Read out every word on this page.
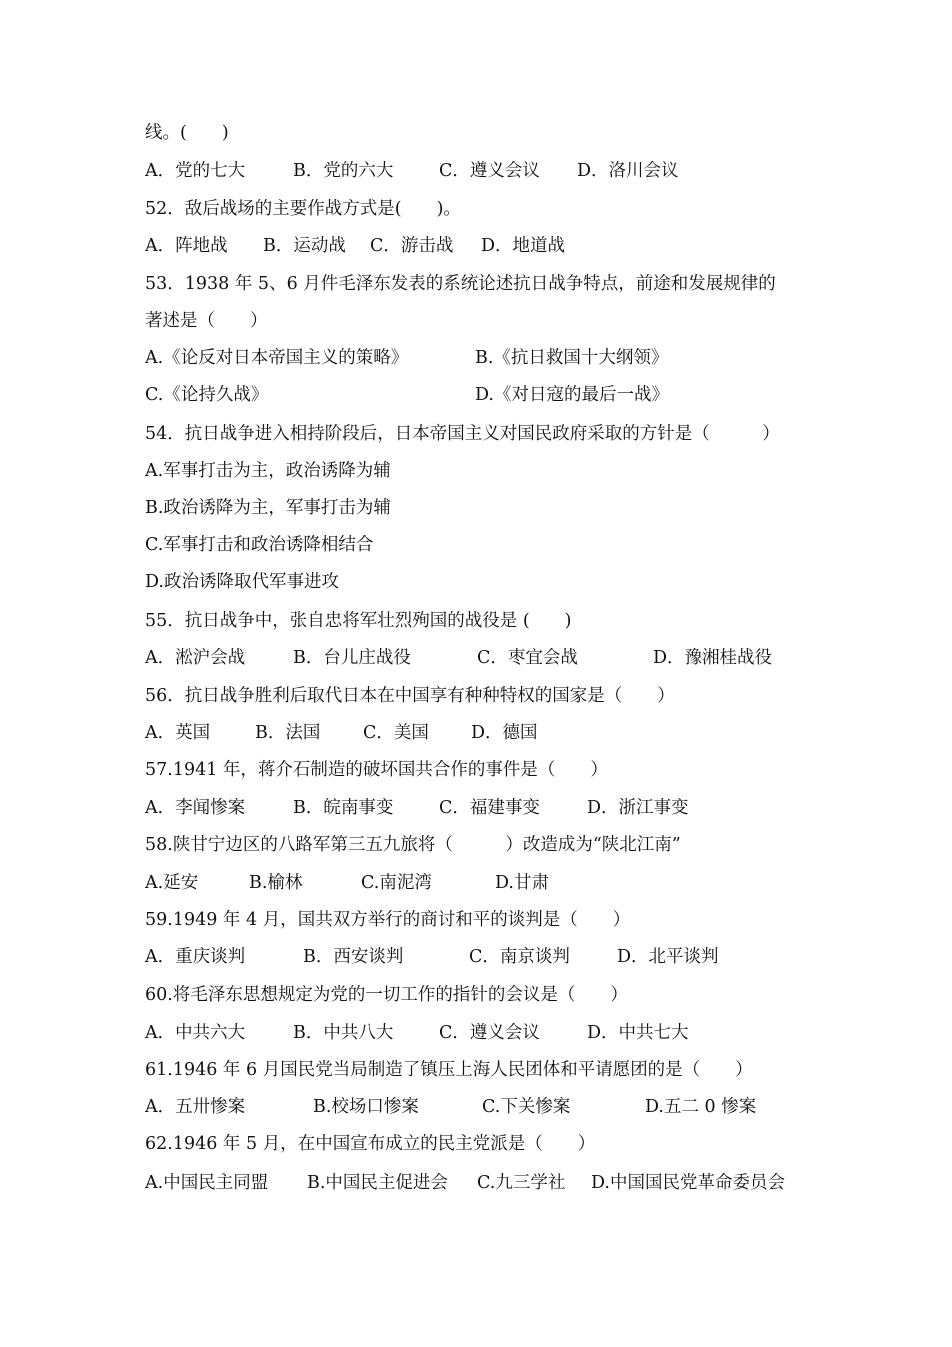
线。(　　)
A．党的七大	B．党的六大	C．遵义会议 D．洛川会议
52．敌后战场的主要作战方式是(　　)。
A．阵地战 B．运动战 C．游击战 D．地道战
53．1938 年 5、6 月件毛泽东发表的系统论述抗日战争特点，前途和发展规律的
著述是（　　）
A.《论反对日本帝国主义的策略》	B.《抗日救国十大纲领》
C.《论持久战》	D.《对日寇的最后一战》
54．抗日战争进入相持阶段后，日本帝国主义对国民政府采取的方针是（　　　）
A.军事打击为主，政治诱降为辅
B.政治诱降为主，军事打击为辅
C.军事打击和政治诱降相结合
D.政治诱降取代军事进攻
55．抗日战争中，张自忠将军壮烈殉国的战役是 (　　)
A．淞沪会战	B．台儿庄战役	C．枣宜会战	D．豫湘桂战役
56．抗日战争胜利后取代日本在中国享有种种特权的国家是（　　）
A．英国	B．法国 C．美国 D．德国
57.1941 年，蒋介石制造的破坏国共合作的事件是（　　）
A．李闻惨案	B．皖南事变	C．福建事变	D．浙江事变
58.陕甘宁边区的八路军第三五九旅将（　　　）改造成为“陕北江南”
A.延安	B.榆林	C.南泥湾	D.甘肃
59.1949 年 4 月，国共双方举行的商讨和平的谈判是（　　）
A．重庆谈判	B．西安谈判	C．南京谈判	D．北平谈判
60.将毛泽东思想规定为党的一切工作的指针的会议是（　　）
A．中共六大	B．中共八大	C．遵义会议	D．中共七大
61.1946 年 6 月国民党当局制造了镇压上海人民团体和平请愿团的是（　　）
A．五卅惨案	B.校场口惨案	C.下关惨案	D.五二 0 惨案
62.1946 年 5 月，在中国宣布成立的民主党派是（　　）
A.中国民主同盟 B.中国民主促进会 C.九三学社 D.中国国民党革命委员会
